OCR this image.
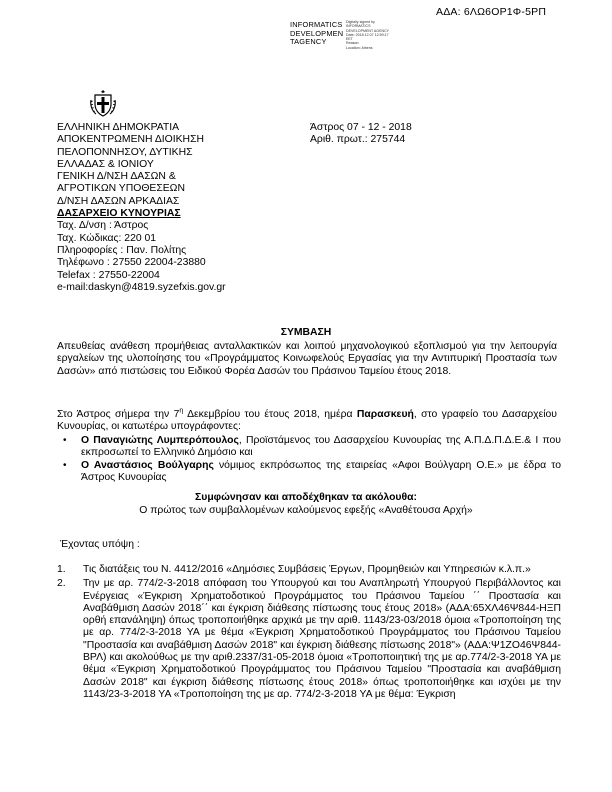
ΑΔΑ: 6ΛΩ6ΟΡ1Φ-5ΡΠ
INFORMATICS
DEVELOPMEN
TAGENCY
Digitally signed by
INFORMATICS
DEVELOPMENT AGENCY
Date: 2018.12.07 12:59:17
EET
Reason:
Location: Athens
ΕΛΛΗΝΙΚΗ ΔΗΜΟΚΡΑΤΙΑ
ΑΠΟΚΕΝΤΡΩΜΕΝΗ ΔΙΟΙΚΗΣΗ
ΠΕΛΟΠΟΝΝΗΣΟΥ, ΔΥΤΙΚΗΣ
ΕΛΛΑΔΑΣ & ΙΟΝΙΟΥ
ΓΕΝΙΚΗ Δ/ΝΣΗ ΔΑΣΩΝ &
ΑΓΡΟΤΙΚΩΝ ΥΠΟΘΕΣΕΩΝ
Δ/ΝΣΗ ΔΑΣΩΝ ΑΡΚΑΔΙΑΣ
ΔΑΣΑΡΧΕΙΟ ΚΥΝΟΥΡΙΑΣ
Ταχ. Δ/νση : Άστρος
Ταχ. Κώδικας: 220 01
Πληροφορίες : Παν. Πολίτης
Τηλέφωνο : 27550 22004-23880
Telefax : 27550-22004
e-mail:daskyn@4819.syzefxis.gov.gr
Άστρος 07 - 12 - 2018
Αριθ. πρωτ.: 275744
ΣΥΜΒΑΣΗ
Απευθείας ανάθεση προμήθειας ανταλλακτικών και λοιπού μηχανολογικού εξοπλισμού για την λειτουργία εργαλείων της υλοποίησης του «Προγράμματος Κοινωφελούς Εργασίας για την Αντιπυρική Προστασία των Δασών» από πιστώσεις του Ειδικού Φορέα Δασών του Πράσινου Ταμείου έτους 2018.
Στο Άστρος σήμερα την $7^\eta$ Δεκεμβρίου του έτους 2018, ημέρα Παρασκευή, στο γραφείο του Δασαρχείου Κυνουρίας, οι κατωτέρω υπογράφοντες:
• Ο Παναγιώτης Λυμπερόπουλος, Προϊστάμενος του Δασαρχείου Κυνουρίας της Α.Π.Δ.Π.Δ.Ε.& Ι που εκπροσωπεί το Ελληνικό Δημόσιο και
• Ο Αναστάσιος Βούλγαρης νόμιμος εκπρόσωπος της εταιρείας «Αφοι Βούλγαρη Ο.Ε.» με έδρα το Άστρος Κυνουρίας
Συμφώνησαν και αποδέχθηκαν τα ακόλουθα:
Ο πρώτος των συμβαλλομένων καλούμενος εφεξής «Αναθέτουσα Αρχή»
Έχοντας υπόψη :
1. Τις διατάξεις του Ν. 4412/2016 «Δημόσιες Συμβάσεις Έργων, Προμηθειών και Υπηρεσιών κ.λ.π.»
2. Την με αρ. 774/2-3-2018 απόφαση του Υπουργού και του Αναπληρωτή Υπουργού Περιβάλλοντος και Ενέργειας «Έγκριση Χρηματοδοτικού Προγράμματος του Πράσινου Ταμείου ΄΄ Προστασία και Αναβάθμιση Δασών 2018΄΄ και έγκριση διάθεσης πίστωσης τους έτους 2018» (ΑΔΑ:65ΧΛ46Ψ844-ΗΞΠ ορθή επανάληψη) όπως τροποποιήθηκε αρχικά με την αριθ. 1143/23-03/2018 όμοια «Τροποποίηση της με αρ. 774/2-3-2018 ΥΑ με θέμα «Έγκριση Χρηματοδοτικού Προγράμματος του Πράσινου Ταμείου "Προστασία και αναβάθμιση Δασών 2018" και έγκριση διάθεσης πίστωσης 2018"» (ΑΔΑ:Ψ1ΖΟ46Ψ844-ΒΡΛ) και ακολούθως με την αριθ.2337/31-05-2018 όμοια «Τροποποιητική της με αρ.774/2-3-2018 ΥΑ με θέμα «Έγκριση Χρηματοδοτικού Προγράμματος του Πράσινου Ταμείου "Προστασία και αναβάθμιση Δασών 2018" και έγκριση διάθεσης πίστωσης έτους 2018» όπως τροποποιήθηκε και ισχύει με την 1143/23-3-2018 ΥΑ «Τροποποίηση της με αρ. 774/2-3-2018 ΥΑ με θέμα: Έγκριση
